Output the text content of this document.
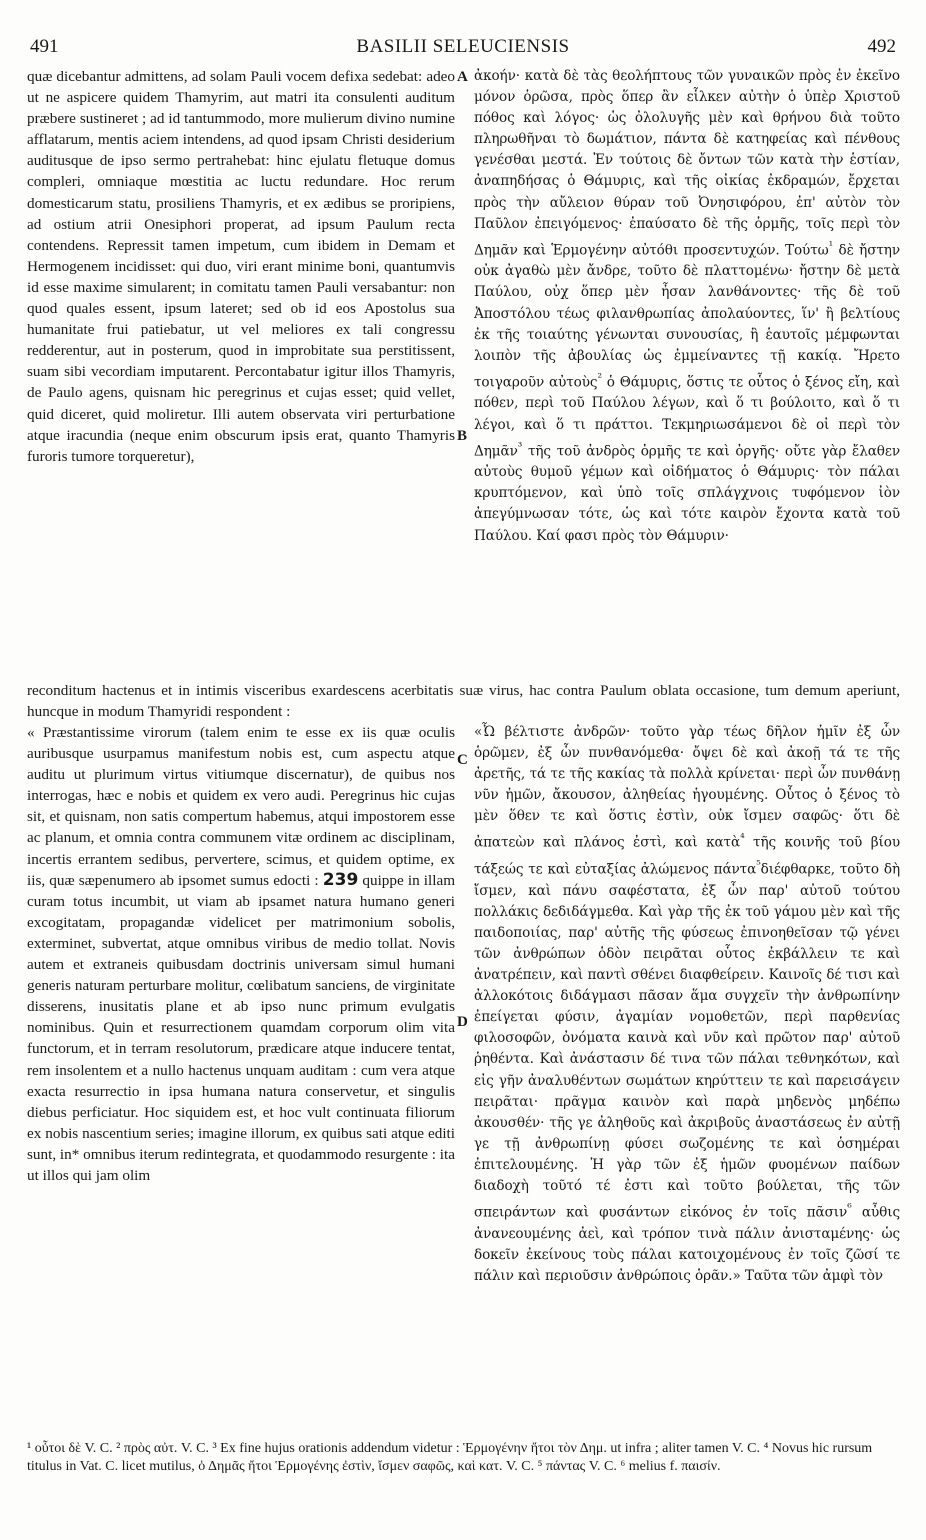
491	BASILII SELEUCIENSIS	492
A
B
C
D

quæ dicebantur admittens, ad solam Pauli vocem defixa sedebat: adeo ut ne aspicere quidem Thamyrim, aut matri ita consulenti auditum præbere sustineret ; ad id tantummodo, more mulierum divino numine afflatarum, mentis aciem intendens, ad quod ipsam Christi desiderium auditusque de ipso sermo pertrahebat: hinc ejulatu fletuque domus compleri, omniaque mœstitia ac luctu redundare. Hoc rerum domesticarum statu, prosiliens Thamyris, et ex ædibus se proripiens, ad ostium atrii Onesiphori properat, ad ipsum Paulum recta contendens. Repressit tamen impetum, cum ibidem in Demam et Hermogenem incidisset: qui duo, viri erant minime boni, quantumvis id esse maxime simularent; in comitatu tamen Pauli versabantur: non quod quales essent, ipsum lateret; sed ob id eos Apostolus sua humanitate frui patiebatur, ut vel meliores ex tali congressu redderentur, aut in posterum, quod in improbitate sua perstitissent, suam sibi vecordiam imputarent. Percontabatur igitur illos Thamyris, de Paulo agens, quisnam hic peregrinus et cujas esset; quid vellet, quid diceret, quid moliretur. Illi autem observata viri perturbatione atque iracundia (neque enim obscurum ipsis erat, quanto Thamyris furoris tumore torqueretur),

ἀκοήν· κατὰ δὲ τὰς θεολήπτους τῶν γυναικῶν πρὸς ἐν ἐκεῖνο μόνον ὁρῶσα, πρὸς ὅπερ ἂν εἷλκεν αὐτὴν ὁ ὑπὲρ Χριστοῦ πόθος καὶ λόγος· ὡς ὀλολυγῆς μὲν καὶ θρήνου διὰ τοῦτο πληρωθῆναι τὸ δωμάτιον, πάντα δὲ κατηφείας καὶ πένθους γενέσθαι μεστά. Ἐν τούτοις δὲ ὄντων τῶν κατὰ τὴν ἑστίαν, ἀναπηδήσας ὁ Θάμυρις, καὶ τῆς οἰκίας ἐκδραμών, ἔρχεται πρὸς τὴν αὔλειον θύραν τοῦ Ὀνησιφόρου, ἐπ' αὐτὸν τὸν Παῦλον ἐπειγόμενος· ἐπαύσατο δὲ τῆς ὁρμῆς, τοῖς περὶ τὸν Δημᾶν καὶ Ἑρμογένην αὐτόθι προσεντυχών. Τούτω$^{^1}$ δὲ ἤστην οὐκ ἀγαθὼ μὲν ἄνδρε, τοῦτο δὲ πλαττομένω· ἤστην δὲ μετὰ Παύλου, οὐχ ὅπερ μὲν ἦσαν λανθάνοντες· τῆς δὲ τοῦ Ἀποστόλου τέως φιλανθρωπίας ἀπολαύοντες, ἵν' ἢ βελτίους ἐκ τῆς τοιαύτης γένωνται συνουσίας, ἢ ἑαυτοῖς μέμφωνται λοιπὸν τῆς ἀβουλίας ὡς ἐμμείναντες τῇ κακίᾳ. Ἤρετο τοιγαροῦν αὐτοὺς$^{^2}$ ὁ Θάμυρις, ὅστις τε οὗτος ὁ ξένος εἴη, καὶ πόθεν, περὶ τοῦ Παύλου λέγων, καὶ ὅ τι βούλοιτο, καὶ ὅ τι λέγοι, καὶ ὅ τι πράττοι. Τεκμηριωσάμενοι δὲ οἱ περὶ τὸν Δημᾶν$^{^3}$ τῆς τοῦ ἀνδρὸς ὁρμῆς τε καὶ ὀργῆς· οὔτε γὰρ ἔλαθεν αὐτοὺς θυμοῦ γέμων καὶ οἰδήματος ὁ Θάμυρις· τὸν πάλαι κρυπτόμενον, καὶ ὑπὸ τοῖς σπλάγχνοις τυφόμενον ἰὸν ἀπεγύμνωσαν τότε, ὡς καὶ τότε καιρὸν ἔχοντα κατὰ τοῦ Παύλου. Καί φασι πρὸς τὸν Θάμυριν·

reconditum hactenus et in intimis visceribus exardescens acerbitatis suæ virus, hac contra Paulum oblata occasione, tum demum aperiunt, huncque in modum Thamyridi respondent :

« Præstantissime virorum (talem enim te esse ex iis quæ oculis auribusque usurpamus manifestum nobis est, cum aspectu atque auditu ut plurimum virtus vitiumque discernatur), de quibus nos interrogas, hæc e nobis et quidem ex vero audi. Peregrinus hic cujas sit, et quisnam, non satis compertum habemus, atqui impostorem esse ac planum, et omnia contra communem vitæ ordinem ac disciplinam, incertis errantem sedibus, pervertere, scimus, et quidem optime, ex iis, quæ sæpenumero ab ipsomet sumus edocti : 239 quippe in illam curam totus incumbit, ut viam ab ipsamet natura humano generi excogitatam, propagandæ videlicet per matrimonium sobolis, exterminet, subvertat, atque omnibus viribus de medio tollat. Novis autem et extraneis quibusdam doctrinis universam simul humani generis naturam perturbare molitur, cœlibatum sanciens, de virginitate disserens, inusitatis plane et ab ipso nunc primum evulgatis nominibus. Quin et resurrectionem quamdam corporum olim vita functorum, et in terram resolutorum, prædicare atque inducere tentat, rem insolentem et a nullo hactenus unquam auditam : cum vera atque exacta resurrectio in ipsa humana natura conservetur, et singulis diebus perficiatur. Hoc siquidem est, et hoc vult continuata filiorum ex nobis nascentium series; imagine illorum, ex quibus sati atque editi sunt, in* omnibus iterum redintegrata, et quodammodo resurgente : ita ut illos qui jam olim

«Ὦ βέλτιστε ἀνδρῶν· τοῦτο γὰρ τέως δῆλον ἡμῖν ἐξ ὧν ὁρῶμεν, ἐξ ὧν πυνθανόμεθα· ὄψει δὲ καὶ ἀκοῇ τά τε τῆς ἀρετῆς, τά τε τῆς κακίας τὰ πολλὰ κρίνεται· περὶ ὧν πυνθάνῃ νῦν ἡμῶν, ἄκουσον, ἀληθείας ἡγουμένης. Οὗτος ὁ ξένος τὸ μὲν ὅθεν τε καὶ ὅστις ἐστὶν, οὐκ ἴσμεν σαφῶς· ὅτι δὲ ἀπατεὼν καὶ πλάνος ἐστὶ, καὶ κατὰ$^{^4}$ τῆς κοινῆς τοῦ βίου τάξεώς τε καὶ εὐταξίας ἀλώμενος πάντα$^{^5}$διέφθαρκε, τοῦτο δὴ ἴσμεν, καὶ πάνυ σαφέστατα, ἐξ ὧν παρ' αὐτοῦ τούτου πολλάκις δεδιδάγμεθα. Καὶ γὰρ τῆς ἐκ τοῦ γάμου μὲν καὶ τῆς παιδοποιίας, παρ' αὐτῆς τῆς φύσεως ἐπινοηθεῖσαν τῷ γένει τῶν ἀνθρώπων ὁδὸν πειρᾶται οὗτος ἐκβάλλειν τε καὶ ἀνατρέπειν, καὶ παντὶ σθένει διαφθείρειν. Καινοῖς δέ τισι καὶ ἀλλοκότοις διδάγμασι πᾶσαν ἅμα συγχεῖν τὴν ἀνθρωπίνην ἐπείγεται φύσιν, ἀγαμίαν νομοθετῶν, περὶ παρθενίας φιλοσοφῶν, ὀνόματα καινὰ καὶ νῦν καὶ πρῶτον παρ' αὐτοῦ ῥηθέντα. Καὶ ἀνάστασιν δέ τινα τῶν πάλαι τεθνηκότων, καὶ εἰς γῆν ἀναλυθέντων σωμάτων κηρύττειν τε καὶ παρεισάγειν πειρᾶται· πρᾶγμα καινὸν καὶ παρὰ μηδενὸς μηδέπω ἀκουσθέν· τῆς γε ἀληθοῦς καὶ ἀκριβοῦς ἀναστάσεως ἐν αὐτῇ γε τῇ ἀνθρωπίνῃ φύσει σωζομένης τε καὶ ὁσημέραι ἐπιτελουμένης. Ἡ γὰρ τῶν ἐξ ἡμῶν φυομένων παίδων διαδοχὴ τοῦτό τέ ἐστι καὶ τοῦτο βούλεται, τῆς τῶν σπειράντων καὶ φυσάντων εἰκόνος ἐν τοῖς πᾶσιν$^{^6}$ αὖθις ἀνανεουμένης ἀεὶ, καὶ τρόπον τινὰ πάλιν ἀνισταμένης· ὡς δοκεῖν ἐκείνους τοὺς πάλαι κατοιχομένους ἐν τοῖς ζῶσί τε πάλιν καὶ περιοῦσιν ἀνθρώποις ὁρᾶν.» Ταῦτα τῶν ἀμφὶ τὸν

¹ οὗτοι δὲ V. C. ² πρὸς αὐτ. V. C. ³ Ex fine hujus orationis addendum videtur : Ἑρμογένην ἤτοι τὸν Δημ. ut infra ; aliter tamen V. C. ⁴ Novus hic rursum titulus in Vat. C. licet mutilus, ὁ Δημᾶς ἤτοι Ἑρμογένης ἐστὶν, ἴσμεν σαφῶς, καὶ κατ. V. C. ⁵ πάντας V. C. ⁶ melius f. παισίν.
